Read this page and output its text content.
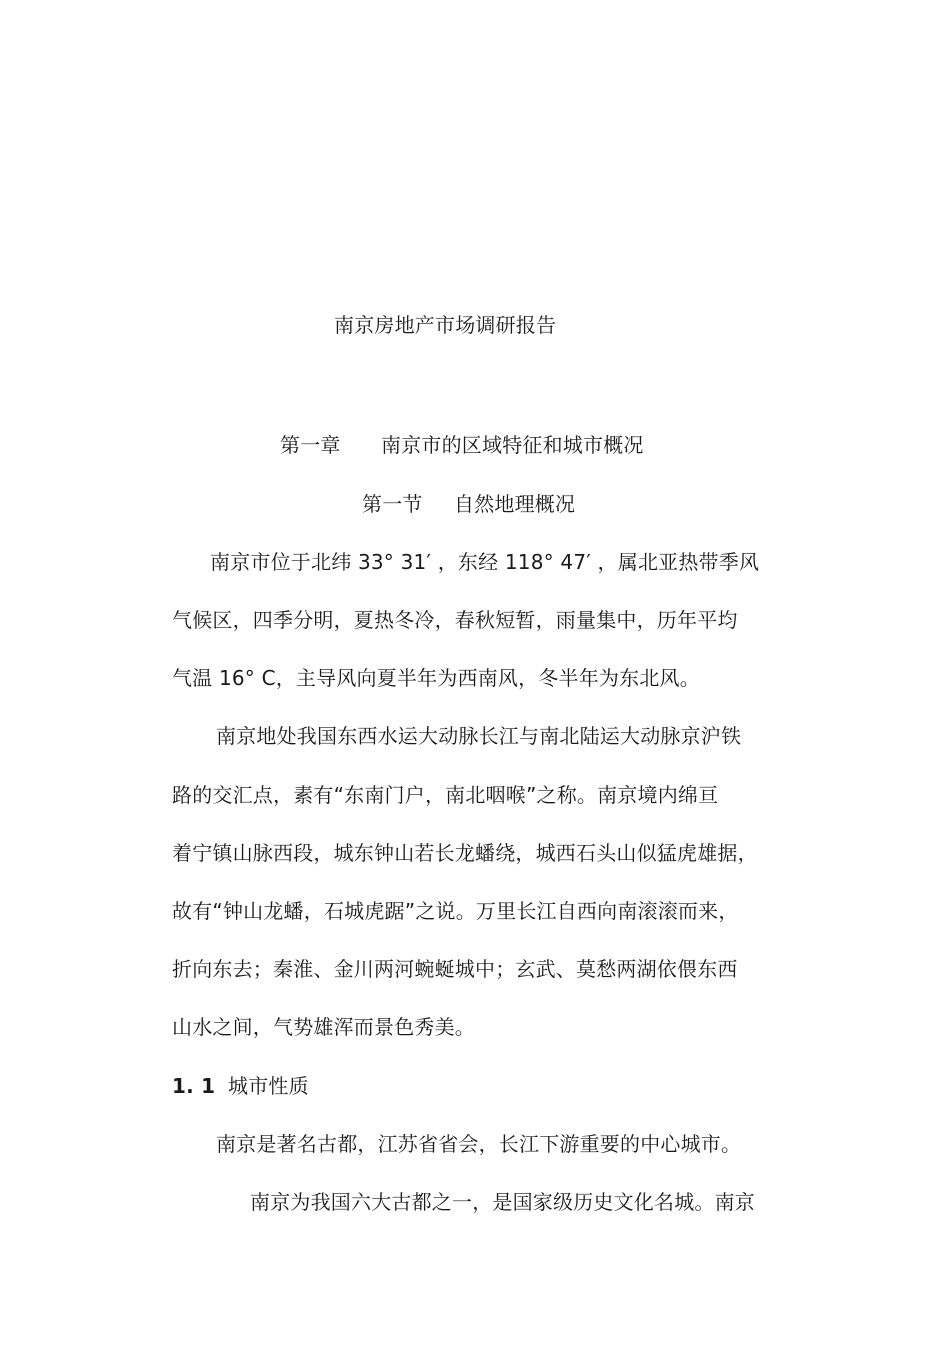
南京房地产市场调研报告
第一章 南京市的区域特征和城市概况
第一节 自然地理概况
南京市位于北纬 33° 31′ ，东经 118° 47′ ，属北亚热带季风
气候区，四季分明，夏热冬冷，春秋短暂，雨量集中，历年平均
气温 16° C，主导风向夏半年为西南风，冬半年为东北风。
南京地处我国东西水运大动脉长江与南北陆运大动脉京沪铁
路的交汇点，素有“东南门户，南北咽喉”之称。南京境内绵亘
着宁镇山脉西段，城东钟山若长龙蟠绕，城西石头山似猛虎雄据，
故有“钟山龙蟠，石城虎踞”之说。万里长江自西向南滚滚而来，
折向东去；秦淮、金川两河蜿蜒城中；玄武、莫愁两湖依偎东西
山水之间，气势雄浑而景色秀美。
1. 1 城市性质
南京是著名古都，江苏省省会，长江下游重要的中心城市。
南京为我国六大古都之一，是国家级历史文化名城。南京
